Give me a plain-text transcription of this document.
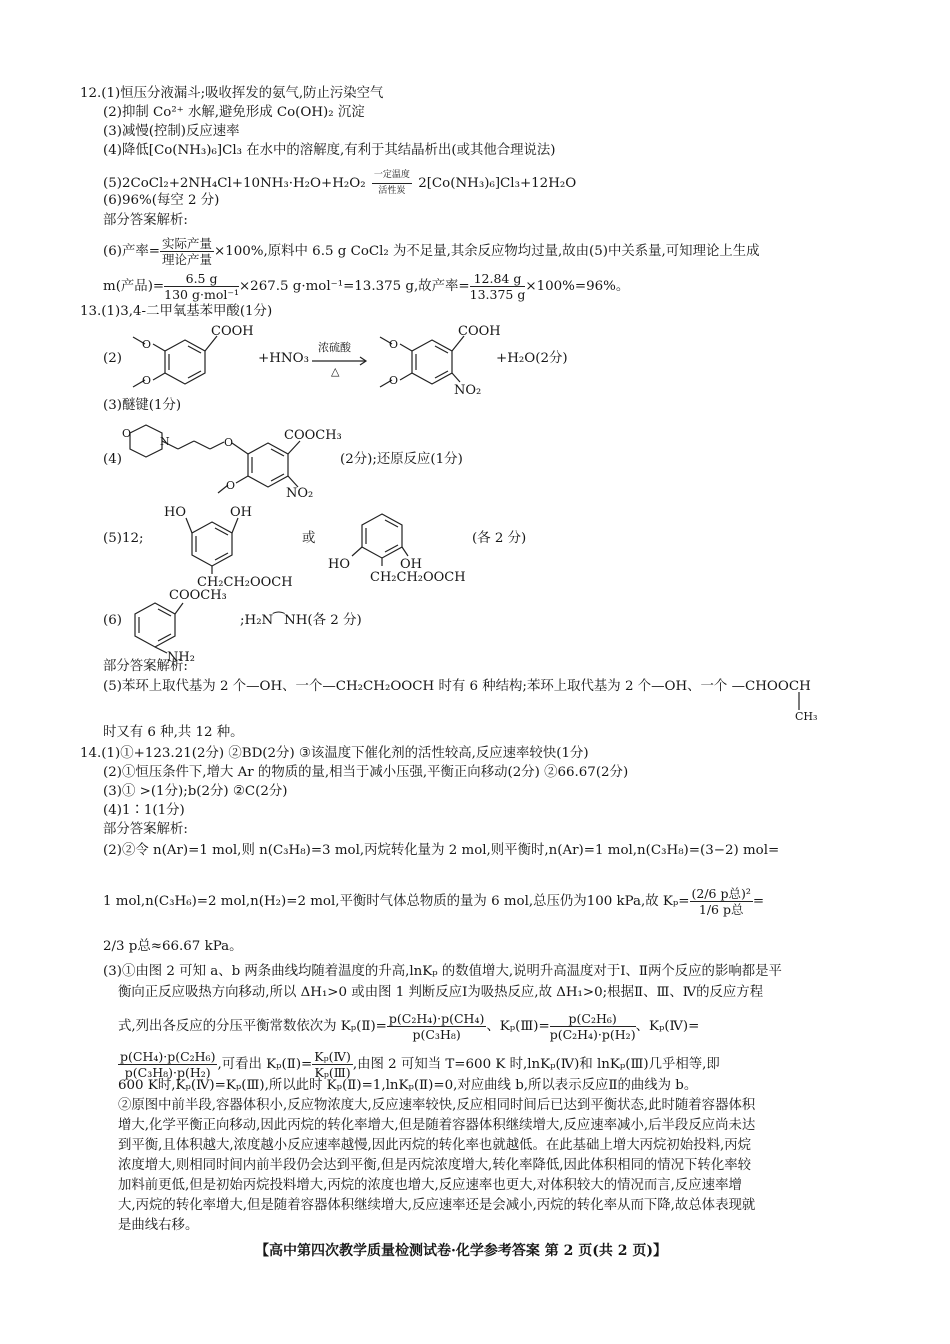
12.(1)恒压分液漏斗;吸收挥发的氨气,防止污染空气
(2)抑制 Co²⁺ 水解,避免形成 Co(OH)₂ 沉淀
(3)减慢(控制)反应速率
(4)降低[Co(NH₃)₆]Cl₃ 在水中的溶解度,有利于其结晶析出(或其他合理说法)
(5)2CoCl₂+2NH₄Cl+10NH₃·H₂O+H₂O₂ $\frac{\text{一定温度}}{\text{活性炭}} 2[Co(NH_3)_6]Cl_3+12H_2O$
(6)96%(每空 2 分)
部分答案解析:
(6)产率= $\frac{\text{实际产量}}{\text{理论产量}} \times 100\%$,原料中 6.5 g CoCl₂ 为不足量,其余反应物均过量,故由(5)中关系量,可知理论上生成
m(产品)= $\frac{6.5 g}{\text{130 g·mol⁻¹}} \times 267.5$ g·mol⁻¹=13.375 g,故产率= $\frac{12.84 g}{13.375 g} \times 100\%=96\%$。
13.(1)3,4-二甲氧基苯甲酸(1分)
(2)
O
O
COOH
+HNO₃
浓硫酸
△
O
O
COOH
NO₂
+H₂O(2分)
(3)醚键(1分)
(4)
O
N	O
O
COOCH₃
NO₂
(2分);还原反应(1分)
(5)12;
HO	OH
CH₂CH₂OOCH
或
HO	OH
CH₂CH₂OOCH
(各 2 分)
(6)
COOCH₃
NH₂
;H₂N⁀NH(各 2 分)
部分答案解析:
(5)苯环上取代基为 2 个—OH、一个—CH₂CH₂OOCH 时有 6 种结构;苯环上取代基为 2 个—OH、一个 —CHOOCH
CH₃
时又有 6 种,共 12 种。
14.(1)①+123.21(2分) ②BD(2分) ③该温度下催化剂的活性较高,反应速率较快(1分)
(2)①恒压条件下,增大 Ar 的物质的量,相当于减小压强,平衡正向移动(2分) ②66.67(2分)
(3)① >(1分);b(2分) ②C(2分)
(4)1∶1(1分)
部分答案解析:
(2)②令 n(Ar)=1 mol,则 n(C₃H₈)=3 mol,丙烷转化量为 2 mol,则平衡时,n(Ar)=1 mol,n(C₃H₈)=(3−2) mol=
1 mol,n(C₃H₆)=2 mol,n(H₂)=2 mol,平衡时气体总物质的量为 6 mol,总压仍为100 kPa,故 $K_p= \frac{\text{(2/6 p总)²}}{\text{1/6 p总}}$ =
2/3 p总≈66.67 kPa。
(3)①由图 2 可知 a、b 两条曲线均随着温度的升高,lnKₚ 的数值增大,说明升高温度对于Ⅰ、Ⅱ两个反应的影响都是平
衡向正反应吸热方向移动,所以 ΔH₁>0 或由图 1 判断反应Ⅰ为吸热反应,故 ΔH₁>0;根据Ⅱ、Ⅲ、Ⅳ的反应方程
式,列出各反应的分压平衡常数依次为 Kₚ(Ⅱ)= $\frac{\text{p(C₂H₄)·p(CH₄)}}{\text{p(C₃H₈)}}$ 、Kₚ(Ⅲ)= $\frac{\text{p(C₂H₆)}}{\text{p(C₂H₄)·p(H₂)}}$ 、Kₚ(Ⅳ)=
$\frac{\text{p(CH₄)·p(C₂H₆)}}{\text{p(C₃H₈)·p(H₂)}}$ ,可看出 Kₚ(Ⅱ)= $\frac{\text{Kₚ(Ⅳ)}}{\text{Kₚ(Ⅲ)}}$ ,由图 2 可知当 T=600 K 时,lnKₚ(Ⅳ)和 lnKₚ(Ⅲ)几乎相等,即
600 K时,Kₚ(Ⅳ)=Kₚ(Ⅲ),所以此时 Kₚ(Ⅱ)=1,lnKₚ(Ⅱ)=0,对应曲线 b,所以表示反应Ⅱ的曲线为 b。
②原图中前半段,容器体积小,反应物浓度大,反应速率较快,反应相同时间后已达到平衡状态,此时随着容器体积
增大,化学平衡正向移动,因此丙烷的转化率增大,但是随着容器体积继续增大,反应速率减小,后半段反应尚未达
到平衡,且体积越大,浓度越小反应速率越慢,因此丙烷的转化率也就越低。在此基础上增大丙烷初始投料,丙烷
浓度增大,则相同时间内前半段仍会达到平衡,但是丙烷浓度增大,转化率降低,因此体积相同的情况下转化率较
加料前更低,但是初始丙烷投料增大,丙烷的浓度也增大,反应速率也更大,对体积较大的情况而言,反应速率增
大,丙烷的转化率增大,但是随着容器体积继续增大,反应速率还是会减小,丙烷的转化率从而下降,故总体表现就
是曲线右移。
【高中第四次教学质量检测试卷·化学参考答案 第 2 页(共 2 页)】
